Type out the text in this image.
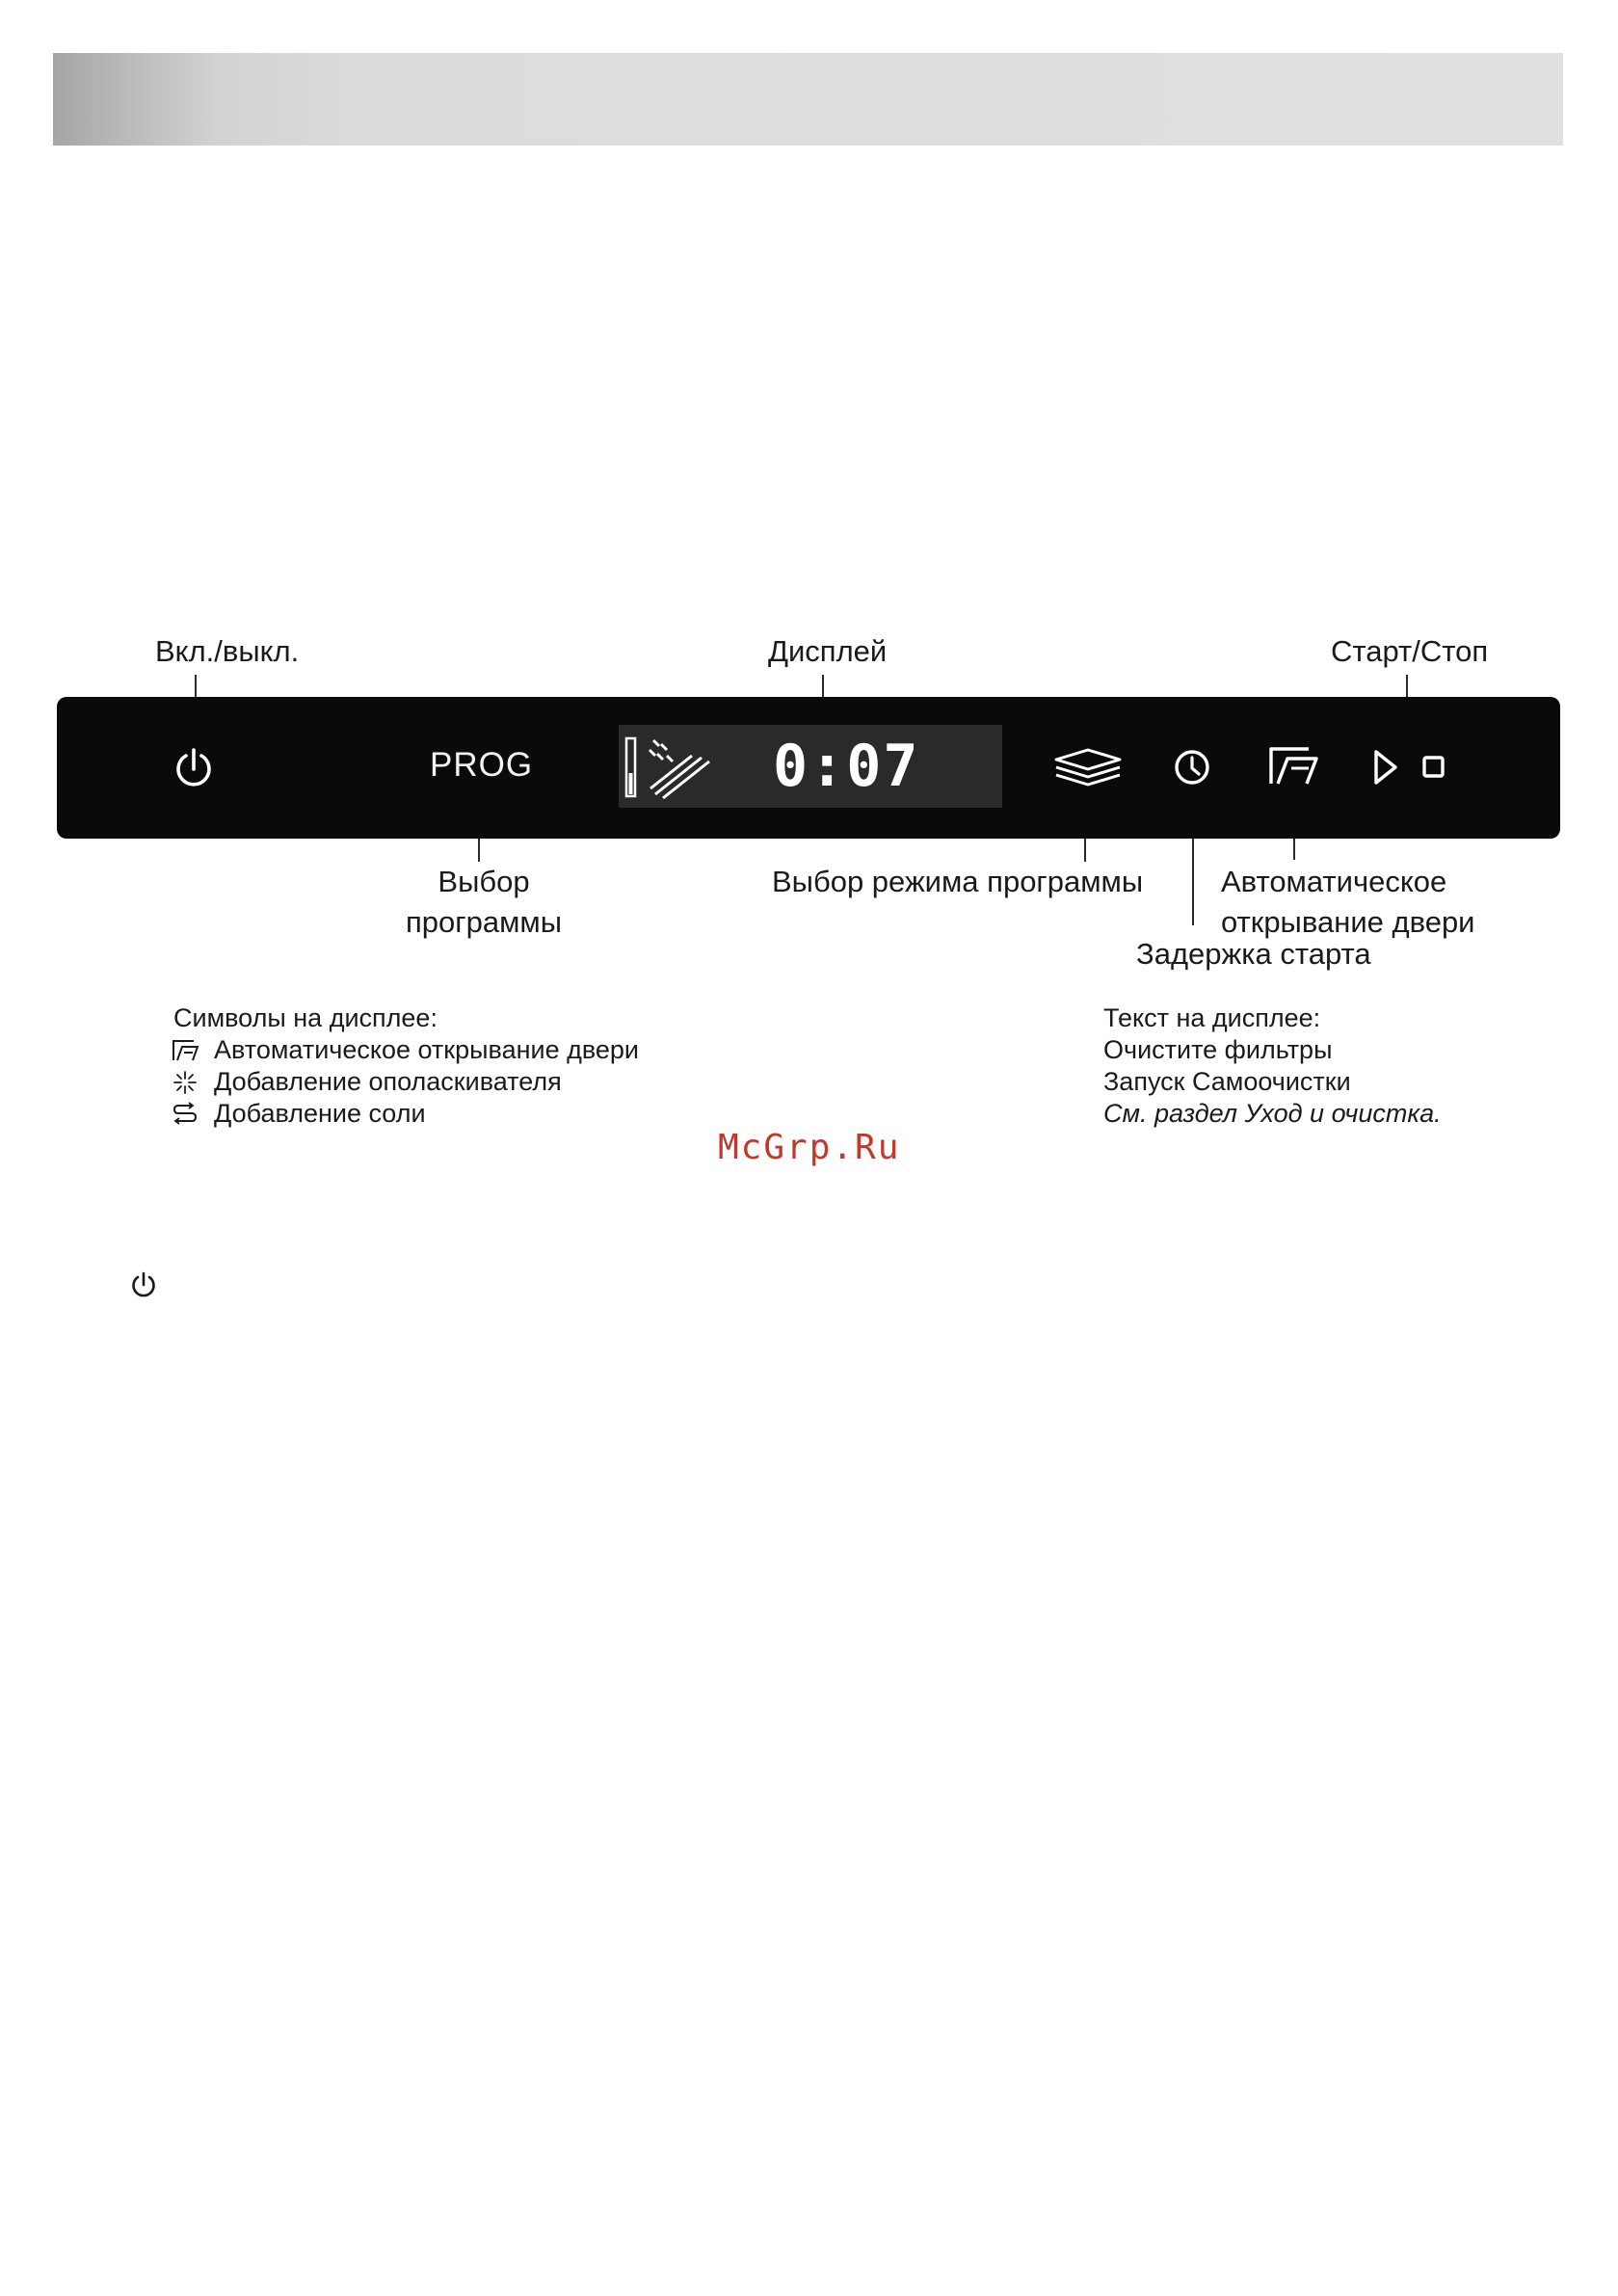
Вкл./выкл.	Дисплей	Старт/Стоп
PROG	0:07
Выбор
программы
Выбор режима программы	Автоматическое
открывание двери
Задержка старта
Символы на дисплее:
Автоматическое открывание двери
Добавление ополаскивателя
Добавление соли
Текст на дисплее:
Очистите фильтры
Запуск Самоочистки
См. раздел Уход и очистка.
McGrp.Ru
